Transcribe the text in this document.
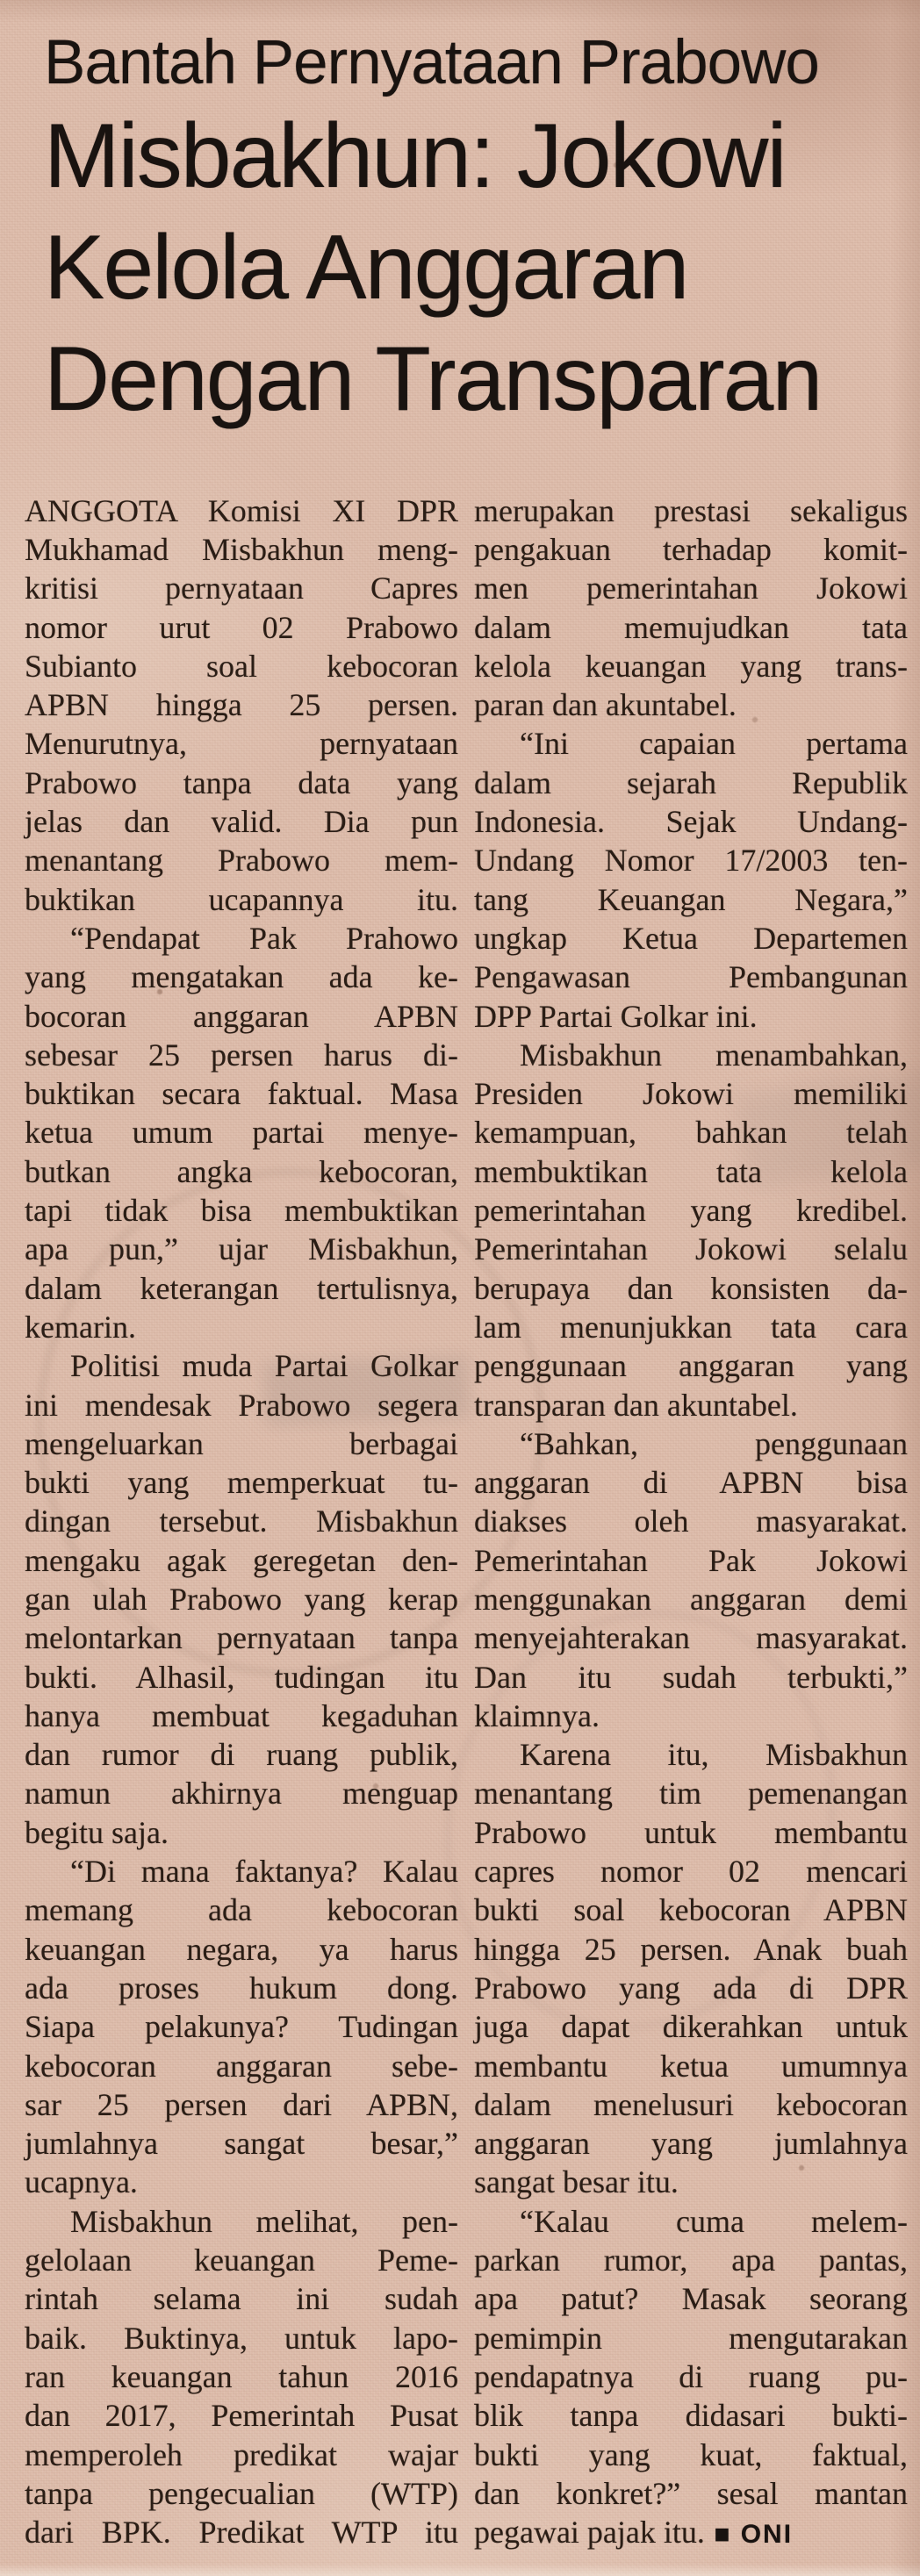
Bantah Pernyataan Prabowo
Misbakhun: Jokowi
Kelola Anggaran
Dengan Transparan
ANGGOTA Komisi XI DPR
Mukhamad Misbakhun meng-
kritisi pernyataan Capres
nomor urut 02 Prabowo
Subianto soal kebocoran
APBN hingga 25 persen.
Menurutnya, pernyataan
Prabowo tanpa data yang
jelas dan valid. Dia pun
menantang Prabowo mem-
buktikan ucapannya itu.
“Pendapat Pak Prahowo
yang mengatakan ada ke-
bocoran anggaran APBN
sebesar 25 persen harus di-
buktikan secara faktual. Masa
ketua umum partai menye-
butkan angka kebocoran,
tapi tidak bisa membuktikan
apa pun,” ujar Misbakhun,
dalam keterangan tertulisnya,
kemarin.
Politisi muda Partai Golkar
ini mendesak Prabowo segera
mengeluarkan berbagai
bukti yang memperkuat tu-
dingan tersebut. Misbakhun
mengaku agak geregetan den-
gan ulah Prabowo yang kerap
melontarkan pernyataan tanpa
bukti. Alhasil, tudingan itu
hanya membuat kegaduhan
dan rumor di ruang publik,
namun akhirnya menguap
begitu saja.
“Di mana faktanya? Kalau
memang ada kebocoran
keuangan negara, ya harus
ada proses hukum dong.
Siapa pelakunya? Tudingan
kebocoran anggaran sebe-
sar 25 persen dari APBN,
jumlahnya sangat besar,”
ucapnya.
Misbakhun melihat, pen-
gelolaan keuangan Peme-
rintah selama ini sudah
baik. Buktinya, untuk lapo-
ran keuangan tahun 2016
dan 2017, Pemerintah Pusat
memperoleh predikat wajar
tanpa pengecualian (WTP)
dari BPK. Predikat WTP itu
merupakan prestasi sekaligus
pengakuan terhadap komit-
men pemerintahan Jokowi
dalam memujudkan tata
kelola keuangan yang trans-
paran dan akuntabel.
“Ini capaian pertama
dalam sejarah Republik
Indonesia. Sejak Undang-
Undang Nomor 17/2003 ten-
tang Keuangan Negara,”
ungkap Ketua Departemen
Pengawasan Pembangunan
DPP Partai Golkar ini.
Misbakhun menambahkan,
Presiden Jokowi memiliki
kemampuan, bahkan telah
membuktikan tata kelola
pemerintahan yang kredibel.
Pemerintahan Jokowi selalu
berupaya dan konsisten da-
lam menunjukkan tata cara
penggunaan anggaran yang
transparan dan akuntabel.
“Bahkan, penggunaan
anggaran di APBN bisa
diakses oleh masyarakat.
Pemerintahan Pak Jokowi
menggunakan anggaran demi
menyejahterakan masyarakat.
Dan itu sudah terbukti,”
klaimnya.
Karena itu, Misbakhun
menantang tim pemenangan
Prabowo untuk membantu
capres nomor 02 mencari
bukti soal kebocoran APBN
hingga 25 persen. Anak buah
Prabowo yang ada di DPR
juga dapat dikerahkan untuk
membantu ketua umumnya
dalam menelusuri kebocoran
anggaran yang jumlahnya
sangat besar itu.
“Kalau cuma melem-
parkan rumor, apa pantas,
apa patut? Masak seorang
pemimpin mengutarakan
pendapatnya di ruang pu-
blik tanpa didasari bukti-
bukti yang kuat, faktual,
dan konkret?” sesal mantan
pegawai pajak itu. ■ ONI
